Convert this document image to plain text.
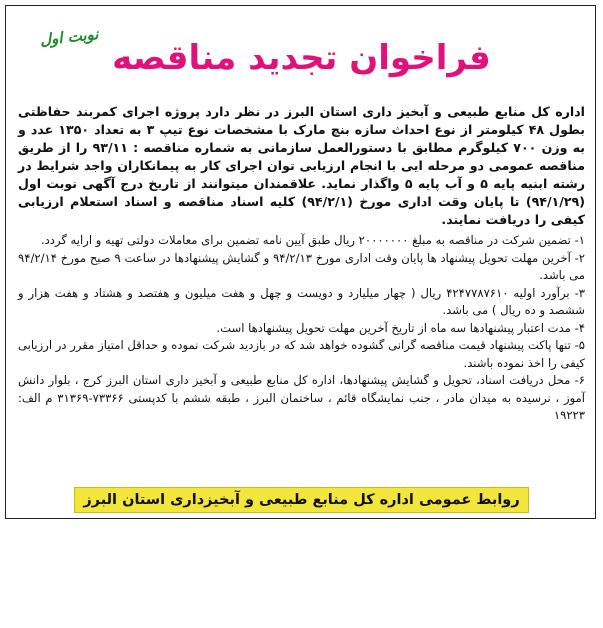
نوبت اول
فراخوان تجدید مناقصه
اداره کل منابع طبیعی و آبخیز داری استان البرز در نظر دارد پروژه اجرای کمربند حفاظتی بطول ۴۸ کیلومتر از نوع احداث سازه بنچ مارک با مشخصات نوع تیپ ۳ به تعداد ۱۳۵۰ عدد و به وزن ۷۰۰ کیلوگرم مطابق با دستورالعمل سازمانی به شماره مناقصه : ۹۳/۱۱ را از طریق مناقصه عمومی دو مرحله ایی با انجام ارزیابی توان اجرای کار به پیمانکاران واجد شرایط در رشته ابنیه پایه ۵ و آب پایه ۵ واگذار نماید. علاقمندان میتوانند از تاریخ درج آگهی نوبت اول (۹۴/۱/۲۹) تا پایان وقت اداری مورخ (۹۴/۲/۱) کلیه اسناد مناقصه و اسناد استعلام ارزیابی کیفی را دریافت نمایند.

۱- تضمین شرکت در مناقصه به مبلغ ۲۰۰۰۰۰۰۰ ریال طبق آیین نامه تضمین برای معاملات دولتی تهیه و ارایه گردد.

۲- آخرین مهلت تحویل پیشنهاد ها پایان وقت اداری مورخ ۹۴/۲/۱۳ و گشایش پیشنهادها در ساعت ۹ صبح مورخ ۹۴/۲/۱۴ می باشد.

۳- برآورد اولیه ۴۲۴۷۷۸۷۶۱۰ ریال ( چهار میلیارد و دویست و چهل و هفت میلیون و هفتصد و هشتاد و هفت هزار و ششصد و ده ریال ) می باشد.

۴- مدت اعتبار پیشنهادها سه ماه از تاریخ آخرین مهلت تحویل پیشنهادها است.

۵- تنها پاکت پیشنهاد قیمت مناقصه گرانی گشوده خواهد شد که در بازدید شرکت نموده و حداقل امتیاز مقرر در ارزیابی کیفی را اخذ نموده باشند.

۶- محل دریافت اسناد، تحویل و گشایش پیشنهادها، اداره کل منابع طبیعی و آبخیز داری استان البرز کرج ، بلوار دانش آموز ، نرسیده به میدان مادر ، جنب نمایشگاه قائم ، ساختمان البرز ، طبقه ششم با کدپستی ۷۳۳۶۶-۳۱۳۶۹ م الف: ۱۹۲۲۳

روابط عمومی اداره کل منابع طبیعی و آبخیزداری استان البرز
